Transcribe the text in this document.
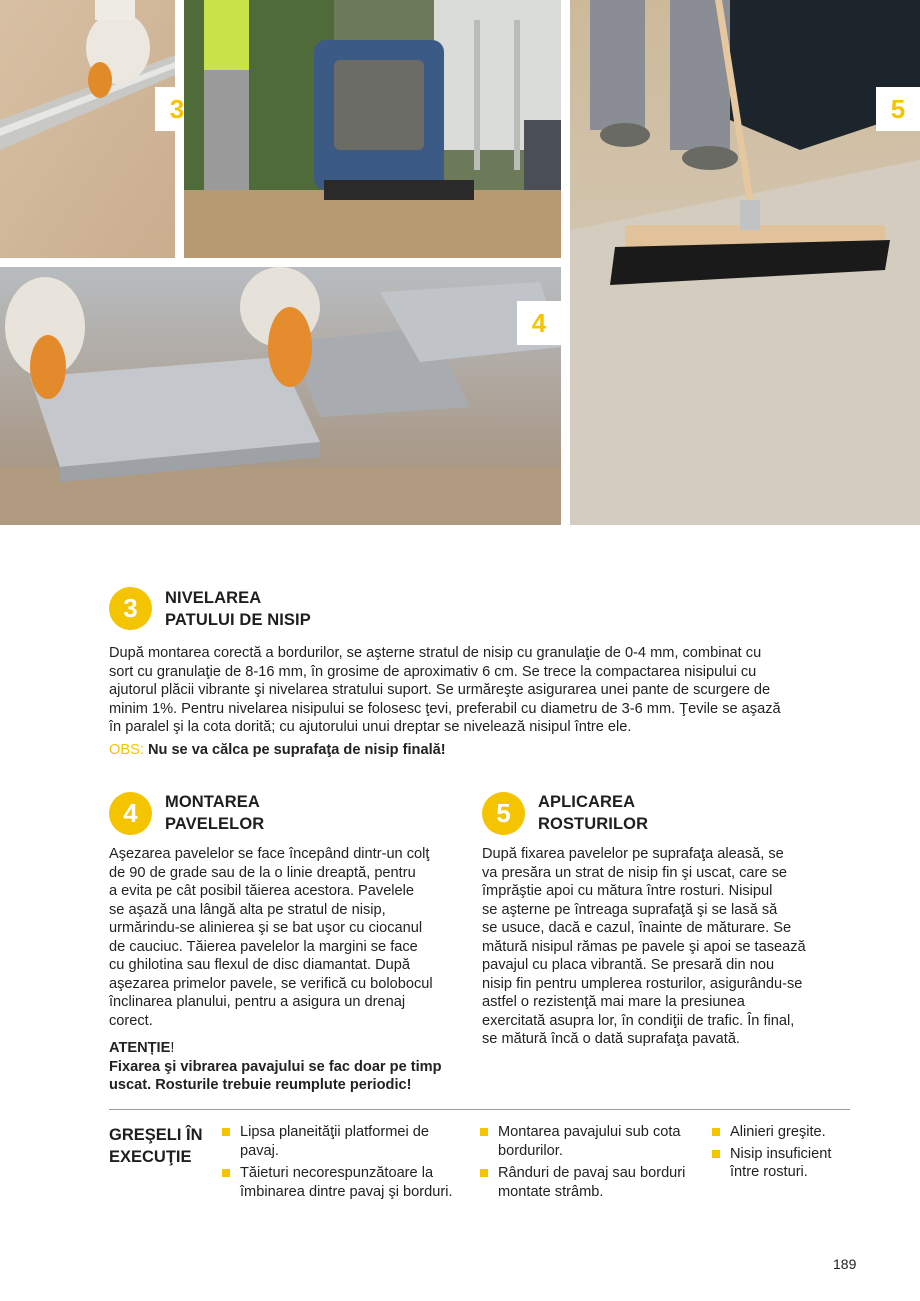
3
4
5
3	NIVELAREA
PATULUI DE NISIP
După montarea corectă a bordurilor, se aşterne stratul de nisip cu granulaţie de 0-4 mm, combinat cu
sort cu granulaţie de 8-16 mm, în grosime de aproximativ 6 cm. Se trece la compactarea nisipului cu
ajutorul plăcii vibrante şi nivelarea stratului suport. Se urmăreşte asigurarea unei pante de scurgere de
minim 1%. Pentru nivelarea nisipului se folosesc ţevi, preferabil cu diametru de 3-6 mm. Ţevile se aşază
în paralel şi la cota dorită; cu ajutorului unui dreptar se nivelează nisipul între ele.
OBS: Nu se va călca pe suprafaţa de nisip finală!
4	MONTAREA
PAVELELOR
Aşezarea pavelelor se face începând dintr-un colţ
de 90 de grade sau de la o linie dreaptă, pentru
a evita pe cât posibil tăierea acestora. Pavelele
se aşază una lângă alta pe stratul de nisip,
urmărindu-se alinierea şi se bat uşor cu ciocanul
de cauciuc. Tăierea pavelelor la margini se face
cu ghilotina sau flexul de disc diamantat. După
aşezarea primelor pavele, se verifică cu bolobocul
înclinarea planului, pentru a asigura un drenaj
corect.
ATENȚIE!
Fixarea şi vibrarea pavajului se fac doar pe timp
uscat. Rosturile trebuie reumplute periodic!
5	APLICAREA
ROSTURILOR
După fixarea pavelelor pe suprafaţa aleasă, se
va presăra un strat de nisip fin şi uscat, care se
împrăştie apoi cu mătura între rosturi. Nisipul
se aşterne pe întreaga suprafaţă şi se lasă să
se usuce, dacă e cazul, înainte de măturare. Se
mătură nisipul rămas pe pavele şi apoi se tasează
pavajul cu placa vibrantă. Se presară din nou
nisip fin pentru umplerea rosturilor, asigurându-se
astfel o rezistenţă mai mare la presiunea
exercitată asupra lor, în condiţii de trafic. În final,
se mătură încă o dată suprafaţa pavată.
GREŞELI ÎN
EXECUŢIE
Lipsa planeităţii platformei de
pavaj.
Tăieturi necorespunzătoare la
îmbinarea dintre pavaj şi borduri.
Montarea pavajului sub cota
bordurilor.
Rânduri de pavaj sau borduri
montate strâmb.
Alinieri greşite.
Nisip insuficient
între rosturi.
189
